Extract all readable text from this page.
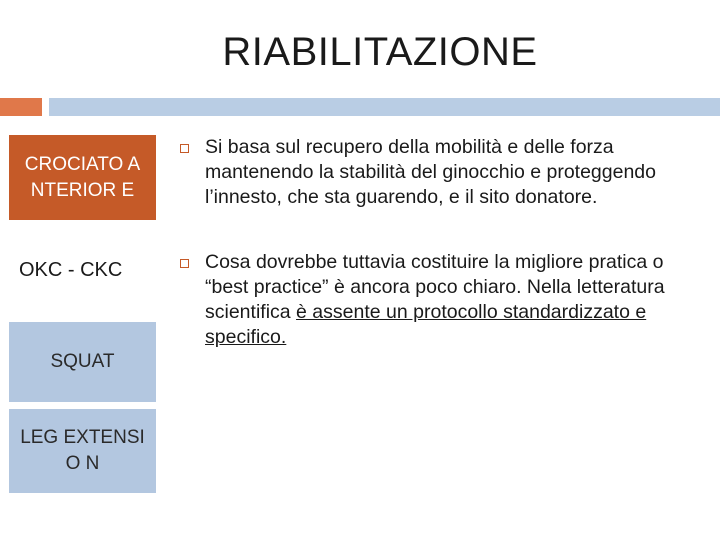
RIABILITAZIONE
CROCIATO ANTERIOR E
OKC - CKC
SQUAT
LEG EXTENSIO N
Si basa sul recupero della mobilità e delle forza mantenendo la stabilità del ginocchio e proteggendo l’innesto, che sta guarendo, e il sito donatore.
Cosa dovrebbe tuttavia costituire la migliore pratica o “best practice” è ancora poco chiaro. Nella letteratura scientifica è assente un protocollo standardizzato e specifico.
